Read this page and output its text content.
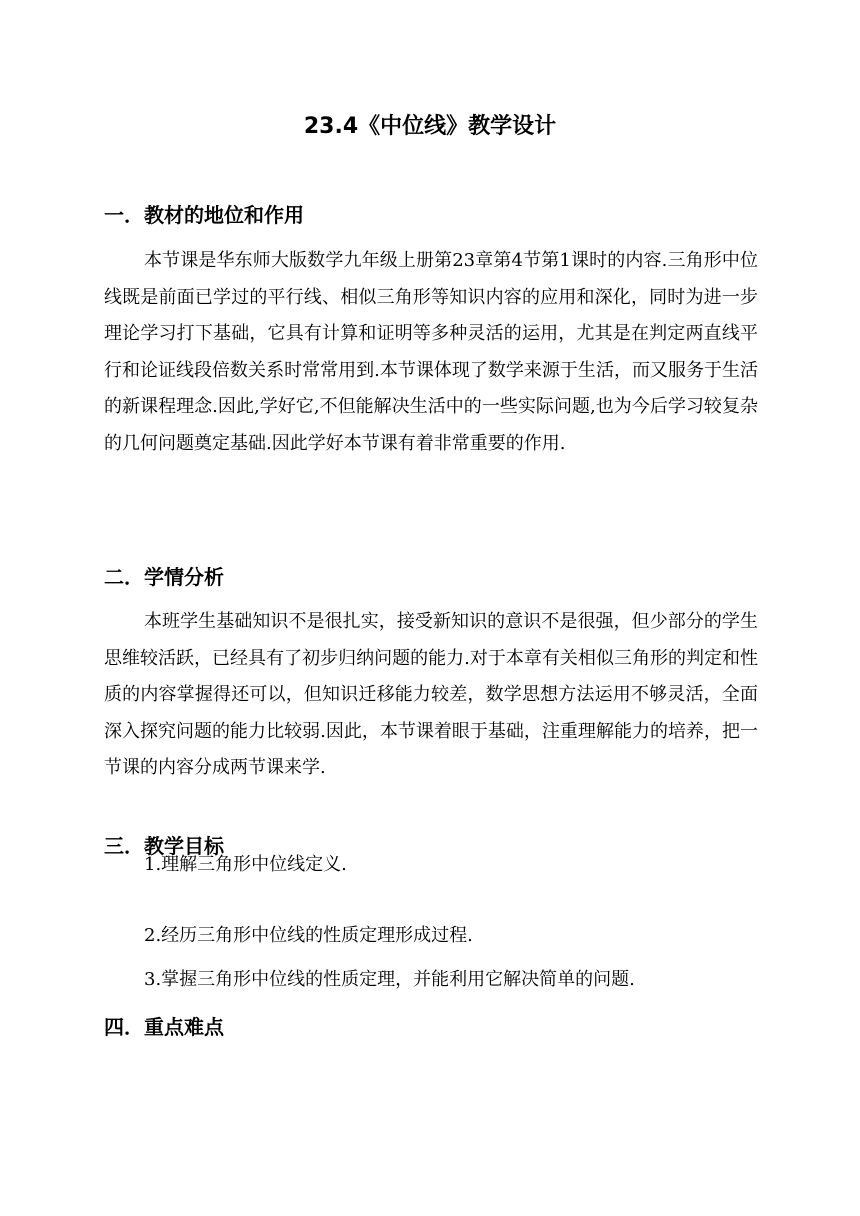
23.4《中位线》教学设计
一．教材的地位和作用
本节课是华东师大版数学九年级上册第23章第4节第1课时的内容.三角形中位线既是前面已学过的平行线、相似三角形等知识内容的应用和深化，同时为进一步理论学习打下基础，它具有计算和证明等多种灵活的运用，尤其是在判定两直线平行和论证线段倍数关系时常常用到.本节课体现了数学来源于生活，而又服务于生活的新课程理念.因此,学好它,不但能解决生活中的一些实际问题,也为今后学习较复杂的几何问题奠定基础.因此学好本节课有着非常重要的作用.
二．学情分析
本班学生基础知识不是很扎实，接受新知识的意识不是很强，但少部分的学生思维较活跃，已经具有了初步归纳问题的能力.对于本章有关相似三角形的判定和性质的内容掌握得还可以，但知识迁移能力较差，数学思想方法运用不够灵活，全面深入探究问题的能力比较弱.因此，本节课着眼于基础，注重理解能力的培养，把一节课的内容分成两节课来学.
三．教学目标
1.理解三角形中位线定义.
2.经历三角形中位线的性质定理形成过程.
3.掌握三角形中位线的性质定理，并能利用它解决简单的问题.
四．重点难点
